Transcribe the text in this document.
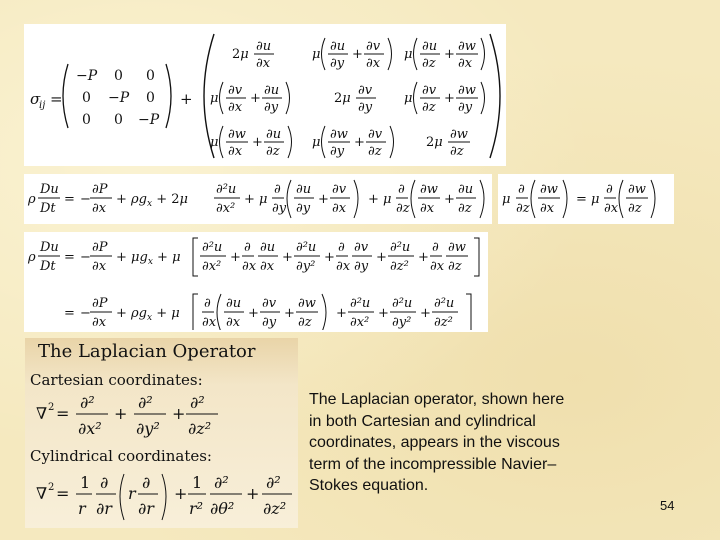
σ
ij =
−P 0 0
0 −P 0
0 0 −P
+
2μ
∂u
∂x
μ
∂u
∂y
+
∂v
∂x
μ
∂u
∂z
+
∂w
∂x
μ
∂v
∂x
+
∂u
∂y
2μ
∂v
∂y
μ
∂v
∂z
+
∂w
∂y
μ
∂w
∂x
+
∂u
∂z
μ
∂w
∂y
+
∂v
∂z
2μ
∂w
∂z
ρ
Du
Dt
= −
∂P
∂x
+ $\rho g_x + 2\mu$
∂²u
∂x²
+ μ
∂
∂y
∂u
∂y
+
∂v
∂x
+ μ
∂
∂z
∂w
∂x
+
∂u
∂z
μ
∂
∂z
∂w
∂x
= μ
∂
∂x
∂w
∂z
ρ
Du
Dt
= −
∂P
∂x
+ $\mu g_x + \mu$
∂²u
∂x²
+
∂
∂x
∂u
∂x
+
∂²u
∂y²
+
∂
∂x
∂v
∂y
+
∂²u
∂z²
+
∂
∂x
∂w
∂z
= −
∂P
∂x
+ $\rho g_x + \mu$
∂
∂x
∂u
∂x
+
∂v
∂y
+
∂w
∂z
+
∂²u
∂x²
+
∂²u
∂y²
+
∂²u
∂z²
The Laplacian Operator
Cartesian coordinates:
∇ 2 =
∂²
∂x²
+
∂²
∂y²
+
∂²
∂z²
Cylindrical coordinates:
∇ 2 =
1
r
∂
∂r
r
∂
∂r
+
1
r²
∂²
∂θ²
+
∂²
∂z²
The Laplacian operator, shown here in both Cartesian and cylindrical coordinates, appears in the viscous term of the incompressible Navier–Stokes equation.
54
